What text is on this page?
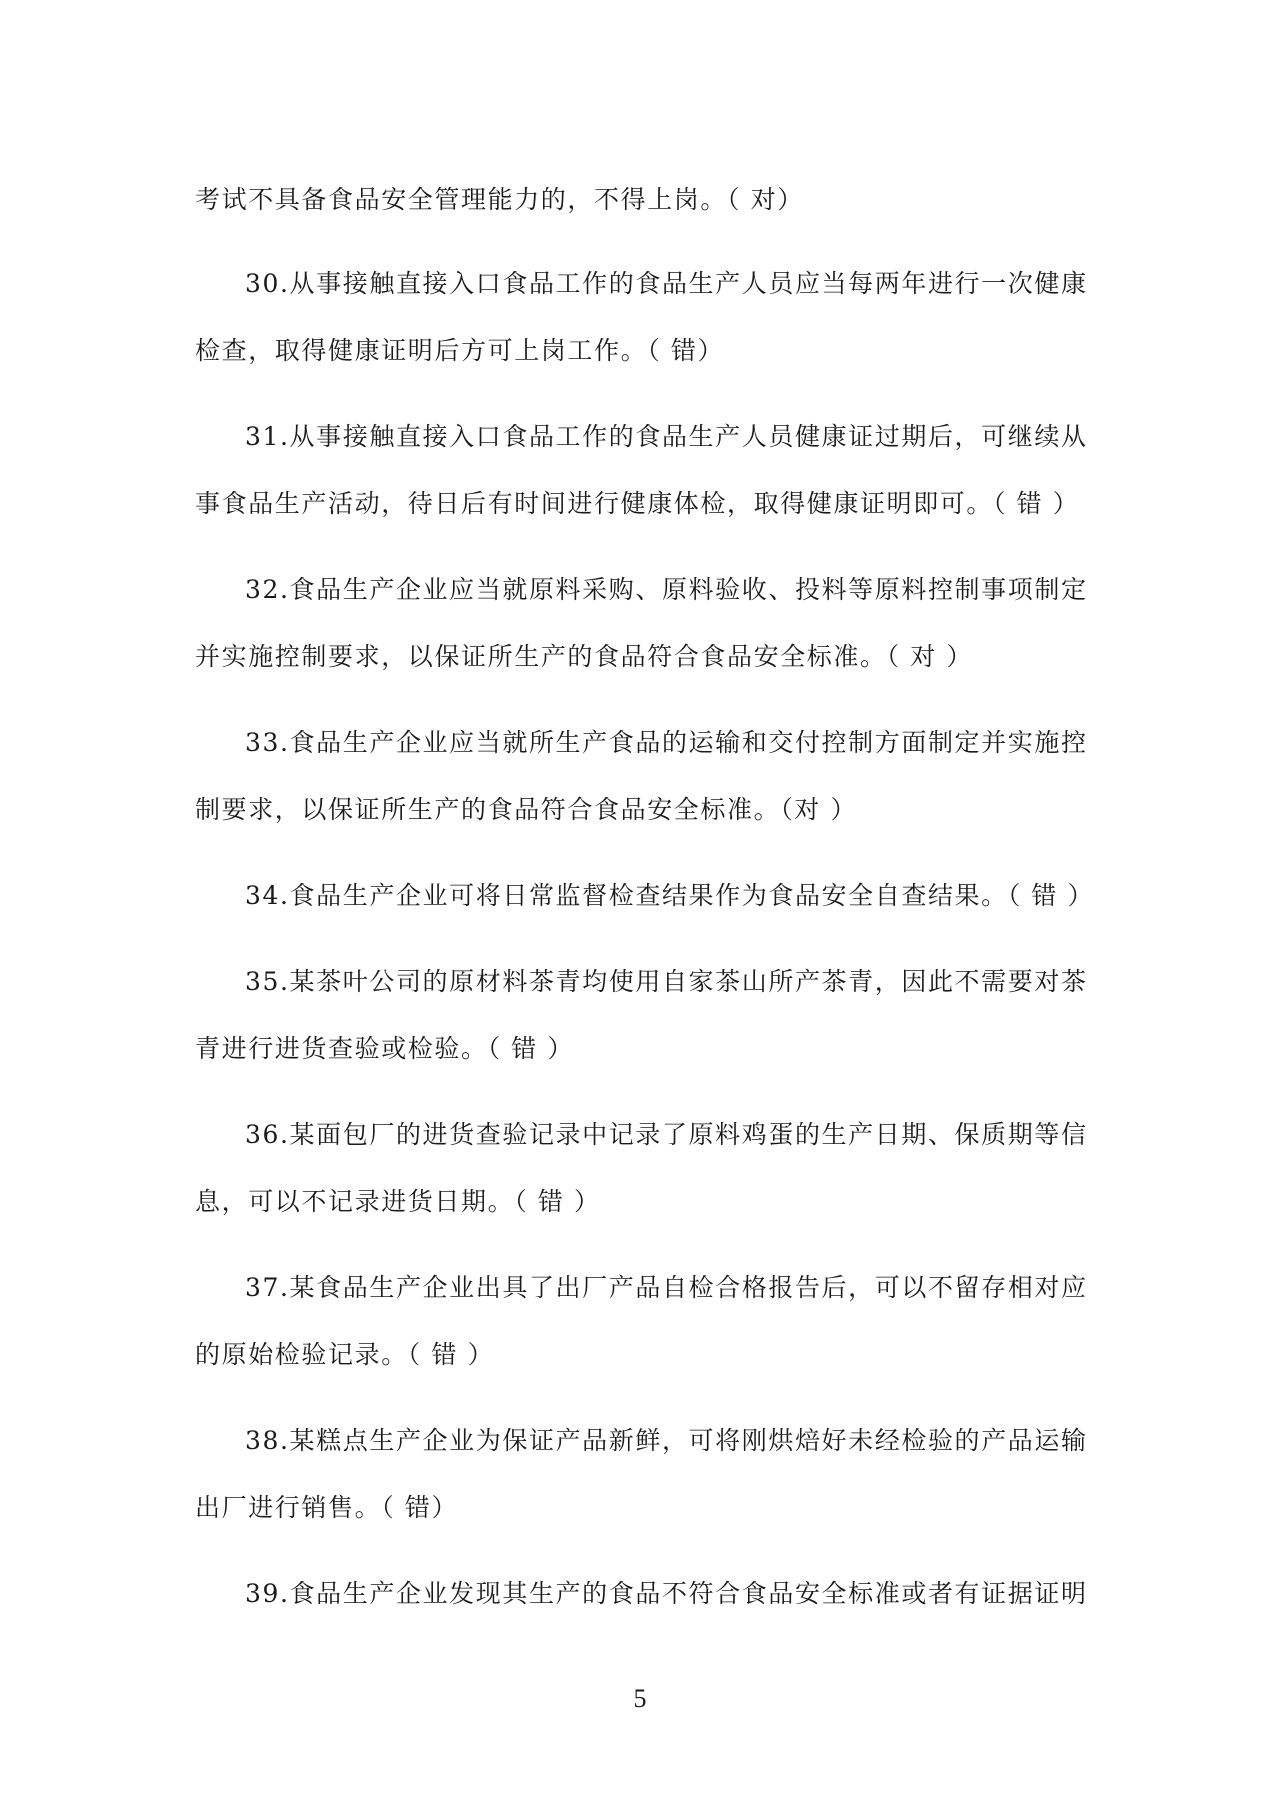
考试不具备食品安全管理能力的，不得上岗。（ 对）
30.从事接触直接入口食品工作的食品生产人员应当每两年进行一次健康
检查，取得健康证明后方可上岗工作。（ 错）
31.从事接触直接入口食品工作的食品生产人员健康证过期后，可继续从
事食品生产活动，待日后有时间进行健康体检，取得健康证明即可。（ 错 ）
32.食品生产企业应当就原料采购、原料验收、投料等原料控制事项制定
并实施控制要求，以保证所生产的食品符合食品安全标准。（ 对 ）
33.食品生产企业应当就所生产食品的运输和交付控制方面制定并实施控
制要求，以保证所生产的食品符合食品安全标准。（对 ）
34.食品生产企业可将日常监督检查结果作为食品安全自查结果。（ 错 ）
35.某茶叶公司的原材料茶青均使用自家茶山所产茶青，因此不需要对茶
青进行进货查验或检验。（ 错 ）
36.某面包厂的进货查验记录中记录了原料鸡蛋的生产日期、保质期等信
息，可以不记录进货日期。（ 错 ）
37.某食品生产企业出具了出厂产品自检合格报告后，可以不留存相对应
的原始检验记录。（ 错 ）
38.某糕点生产企业为保证产品新鲜，可将刚烘焙好未经检验的产品运输
出厂进行销售。（ 错）
39.食品生产企业发现其生产的食品不符合食品安全标准或者有证据证明
5
